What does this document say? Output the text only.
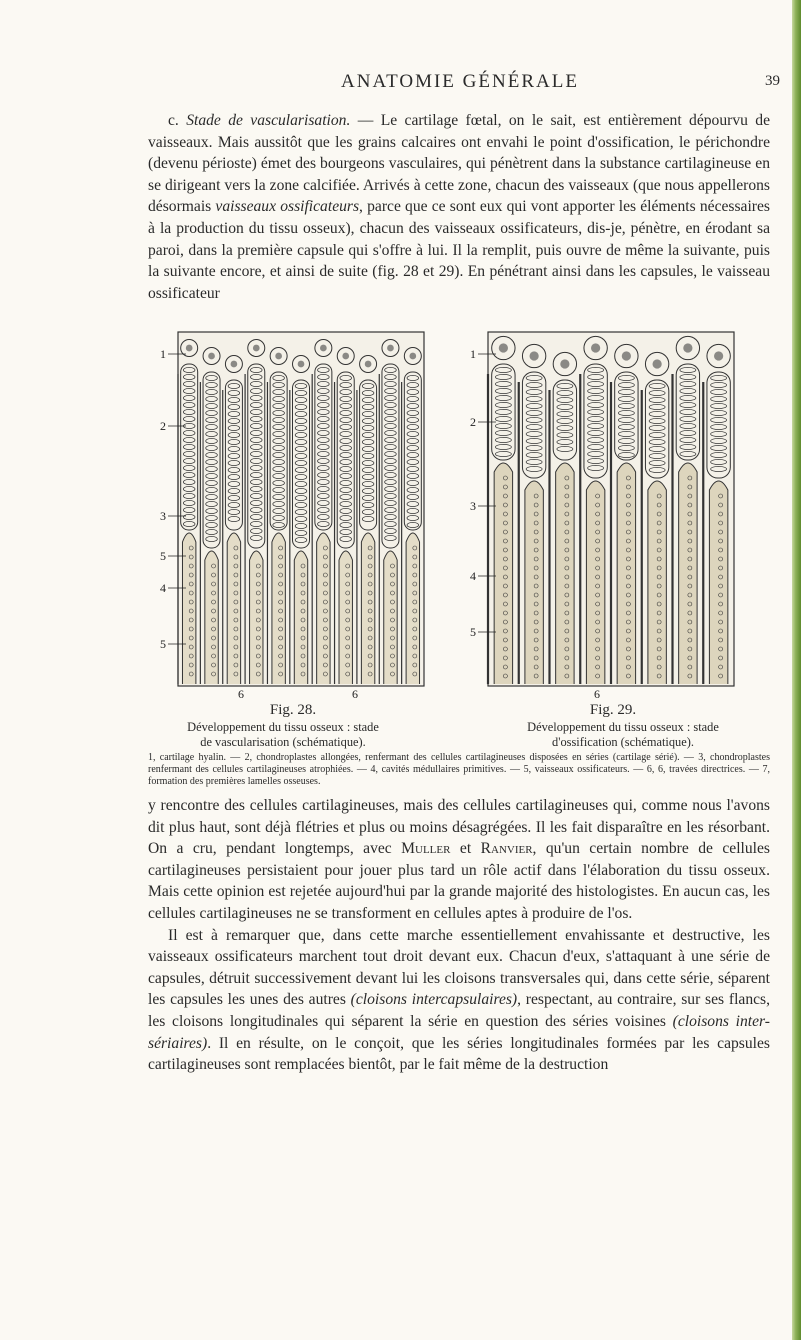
ANATOMIE GÉNÉRALE	39

c. Stade de vascularisation. — Le cartilage fœtal, on le sait, est entièrement dépourvu de vaisseaux. Mais aussitôt que les grains calcaires ont envahi le point d'ossification, le périchondre (devenu périoste) émet des bourgeons vasculaires, qui pénètrent dans la substance cartilagineuse en se dirigeant vers la zone calcifiée. Arrivés à cette zone, chacun des vaisseaux (que nous appellerons désormais vaisseaux ossificateurs, parce que ce sont eux qui vont apporter les éléments nécessaires à la production du tissu osseux), chacun des vaisseaux ossificateurs, dis-je, pénètre, en érodant sa paroi, dans la première capsule qui s'offre à lui. Il la remplit, puis ouvre de même la suivante, puis la suivante encore, et ainsi de suite (fig. 28 et 29). En pénétrant ainsi dans les capsules, le vaisseau ossificateur

1
2
3
5
4
5
6	6
Fig. 28.
Développement du tissu osseux : stade
de vascularisation (schématique).
1
2
3
4
5
6
Fig. 29.
Développement du tissu osseux : stade
d'ossification (schématique).
1, cartilage hyalin. — 2, chondroplastes allongées, renfermant des cellules cartilagineuses disposées en séries (cartilage sérié). — 3, chondroplastes renfermant des cellules cartilagineuses atrophiées. — 4, cavités médullaires primitives. — 5, vaisseaux ossificateurs. — 6, 6, travées directrices. — 7, formation des premières lamelles osseuses.

y rencontre des cellules cartilagineuses, mais des cellules cartilagineuses qui, comme nous l'avons dit plus haut, sont déjà flétries et plus ou moins désagrégées. Il les fait disparaître en les résorbant. On a cru, pendant longtemps, avec Muller et Ranvier, qu'un certain nombre de cellules cartilagineuses persistaient pour jouer plus tard un rôle actif dans l'élaboration du tissu osseux. Mais cette opinion est rejetée aujourd'hui par la grande majorité des histologistes. En aucun cas, les cellules cartilagineuses ne se transforment en cellules aptes à produire de l'os.

Il est à remarquer que, dans cette marche essentiellement envahissante et destructive, les vaisseaux ossificateurs marchent tout droit devant eux. Chacun d'eux, s'attaquant à une série de capsules, détruit successivement devant lui les cloisons transversales qui, dans cette série, séparent les capsules les unes des autres (cloisons intercapsulaires), respectant, au contraire, sur ses flancs, les cloisons longitudinales qui séparent la série en question des séries voisines (cloisons inter-sériaires). Il en résulte, on le conçoit, que les séries longitudinales formées par les capsules cartilagineuses sont remplacées bientôt, par le fait même de la destruction
